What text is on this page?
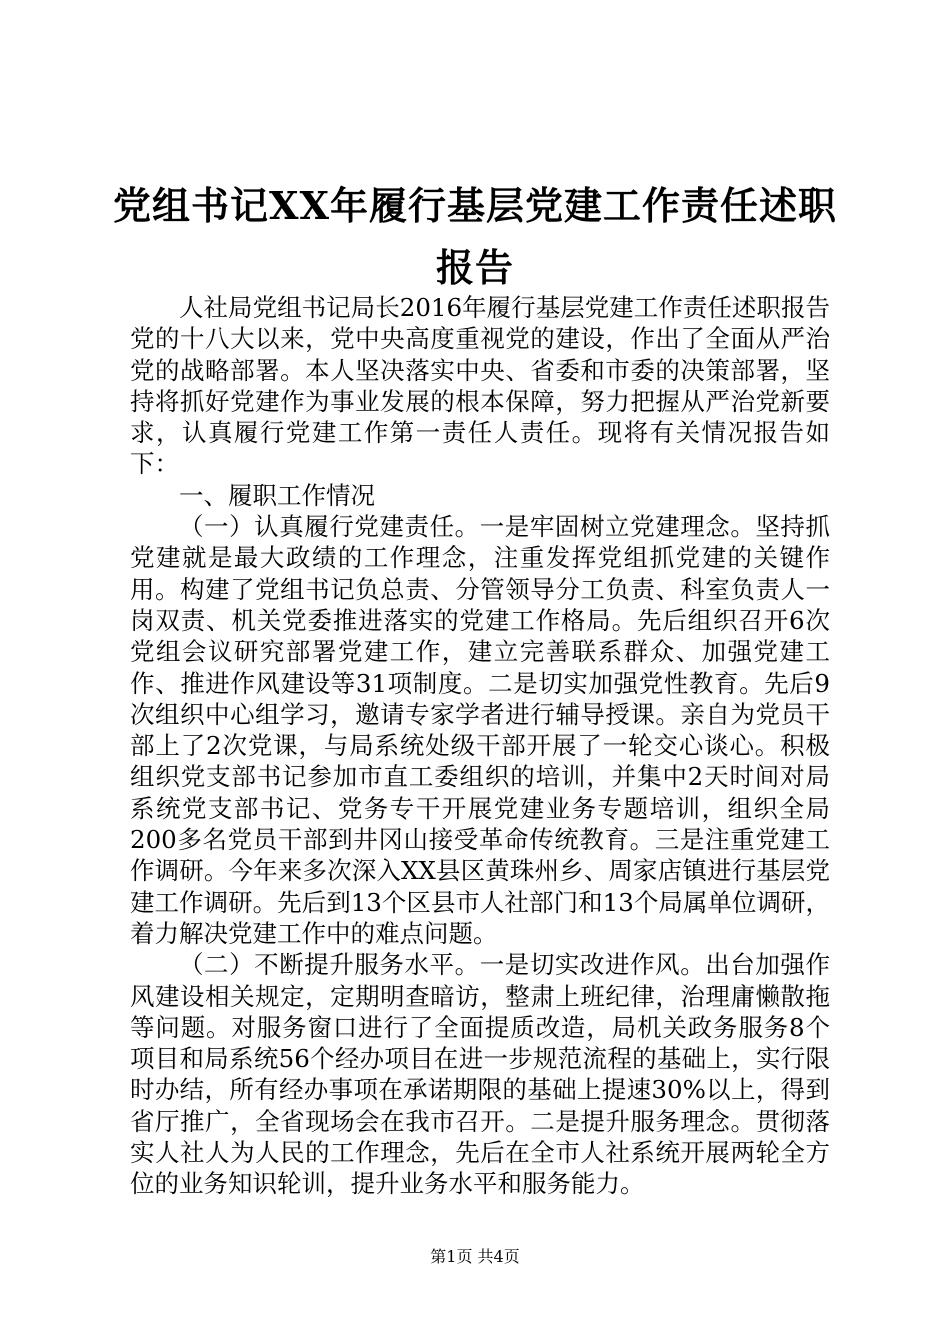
党组书记XX年履行基层党建工作责任述职报告

人社局党组书记局长2016年履行基层党建工作责任述职报告党的十八大以来，党中央高度重视党的建设，作出了全面从严治党的战略部署。本人坚决落实中央、省委和市委的决策部署，坚持将抓好党建作为事业发展的根本保障，努力把握从严治党新要求，认真履行党建工作第一责任人责任。现将有关情况报告如下：

一、履职工作情况

（一）认真履行党建责任。一是牢固树立党建理念。坚持抓党建就是最大政绩的工作理念，注重发挥党组抓党建的关键作用。构建了党组书记负总责、分管领导分工负责、科室负责人一岗双责、机关党委推进落实的党建工作格局。先后组织召开6次党组会议研究部署党建工作，建立完善联系群众、加强党建工作、推进作风建设等31项制度。二是切实加强党性教育。先后9次组织中心组学习，邀请专家学者进行辅导授课。亲自为党员干部上了2次党课，与局系统处级干部开展了一轮交心谈心。积极组织党支部书记参加市直工委组织的培训，并集中2天时间对局系统党支部书记、党务专干开展党建业务专题培训，组织全局200多名党员干部到井冈山接受革命传统教育。三是注重党建工作调研。今年来多次深入XX县区黄珠州乡、周家店镇进行基层党建工作调研。先后到13个区县市人社部门和13个局属单位调研，着力解决党建工作中的难点问题。

（二）不断提升服务水平。一是切实改进作风。出台加强作风建设相关规定，定期明查暗访，整肃上班纪律，治理庸懒散拖等问题。对服务窗口进行了全面提质改造，局机关政务服务8个项目和局系统56个经办项目在进一步规范流程的基础上，实行限时办结，所有经办事项在承诺期限的基础上提速30%以上，得到省厅推广，全省现场会在我市召开。二是提升服务理念。贯彻落实人社人为人民的工作理念，先后在全市人社系统开展两轮全方位的业务知识轮训，提升业务水平和服务能力。

第1页 共4页
